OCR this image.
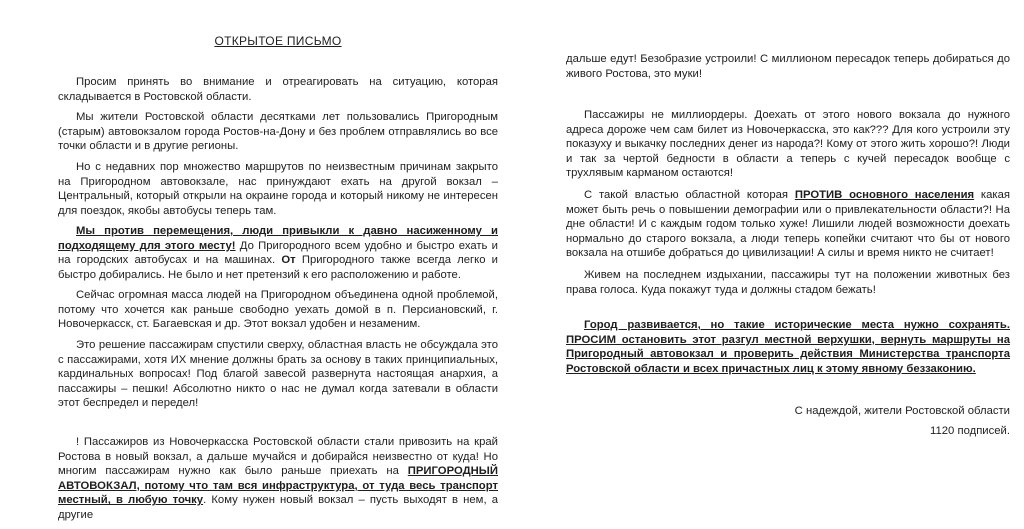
ОТКРЫТОЕ ПИСЬМО

Просим принять во внимание и отреагировать на ситуацию, которая складывается в Ростовской области.

Мы жители Ростовской области десятками лет пользовались Пригородным (старым) автовокзалом города Ростов-на-Дону и без проблем отправлялись во все точки области и в другие регионы.

Но с недавних пор множество маршрутов по неизвестным причинам закрыто на Пригородном автовокзале, нас принуждают ехать на другой вокзал – Центральный, который открыли на окраине города и который никому не интересен для поездок, якобы автобусы теперь там.

Мы против перемещения, люди привыкли к давно насиженному и подходящему для этого месту! До Пригородного всем удобно и быстро ехать и на городских автобусах и на машинах. От Пригородного также всегда легко и быстро добирались. Не было и нет претензий к его расположению и работе.

Сейчас огромная масса людей на Пригородном объединена одной проблемой, потому что хочется как раньше свободно уехать домой в п. Персиановский, г. Новочеркасск, ст. Багаевская и др. Этот вокзал удобен и незаменим.

Это решение пассажирам спустили сверху, областная власть не обсуждала это с пассажирами, хотя ИХ мнение должны брать за основу в таких принципиальных, кардинальных вопросах! Под благой завесой развернута настоящая анархия, а пассажиры – пешки! Абсолютно никто о нас не думал когда затевали в области этот беспредел и передел!

! Пассажиров из Новочеркасска Ростовской области стали привозить на край Ростова в новый вокзал, а дальше мучайся и добирайся неизвестно от куда! Но многим пассажирам нужно как было раньше приехать на ПРИГОРОДНЫЙ АВТОВОКЗАЛ, потому что там вся инфраструктура, от туда весь транспорт местный, в любую точку. Кому нужен новый вокзал – пусть выходят в нем, а другие

дальше едут! Безобразие устроили! С миллионом пересадок теперь добираться до живого Ростова, это муки!

Пассажиры не миллиордеры. Доехать от этого нового вокзала до нужного адреса дороже чем сам билет из Новочеркасска, это как??? Для кого устроили эту показуху и выкачку последних денег из народа?! Кому от этого жить хорошо?! Люди и так за чертой бедности в области а теперь с кучей пересадок вообще с трухлявым карманом остаются!

С такой властью областной которая ПРОТИВ основного населения какая может быть речь о повышении демографии или о привлекательности области?! На дне области! И с каждым годом только хуже! Лишили людей возможности доехать нормально до старого вокзала, а люди теперь копейки считают что бы от нового вокзала на отшибе добраться до цивилизации! А силы и время никто не считает!

Живем на последнем издыхании, пассажиры тут на положении животных без права голоса. Куда покажут туда и должны стадом бежать!

Город развивается, но такие исторические места нужно сохранять. ПРОСИМ остановить этот разгул местной верхушки, вернуть маршруты на Пригородный автовокзал и проверить действия Министерства транспорта Ростовской области и всех причастных лиц к этому явному беззаконию.

С надеждой, жители Ростовской области

1120 подписей.
